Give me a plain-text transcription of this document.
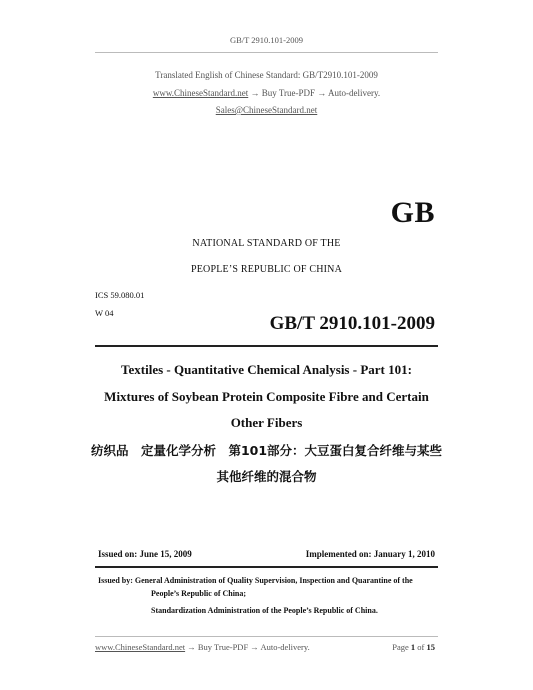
GB/T 2910.101-2009
Translated English of Chinese Standard: GB/T2910.101-2009
www.ChineseStandard.net → Buy True-PDF → Auto-delivery.
Sales@ChineseStandard.net
GB
NATIONAL STANDARD OF THE
PEOPLE’S REPUBLIC OF CHINA
ICS 59.080.01
W 04	GB/T 2910.101-2009
Textiles - Quantitative Chemical Analysis - Part 101:
Mixtures of Soybean Protein Composite Fibre and Certain
Other Fibers
纺织品　定量化学分析　第101部分：大豆蛋白复合纤维与某些
其他纤维的混合物
Issued on: June 15, 2009	Implemented on: January 1, 2010
Issued by: General Administration of Quality Supervision, Inspection and Quarantine of the
People’s Republic of China;
Standardization Administration of the People’s Republic of China.
www.ChineseStandard.net → Buy True-PDF → Auto-delivery.	Page 1 of 15
